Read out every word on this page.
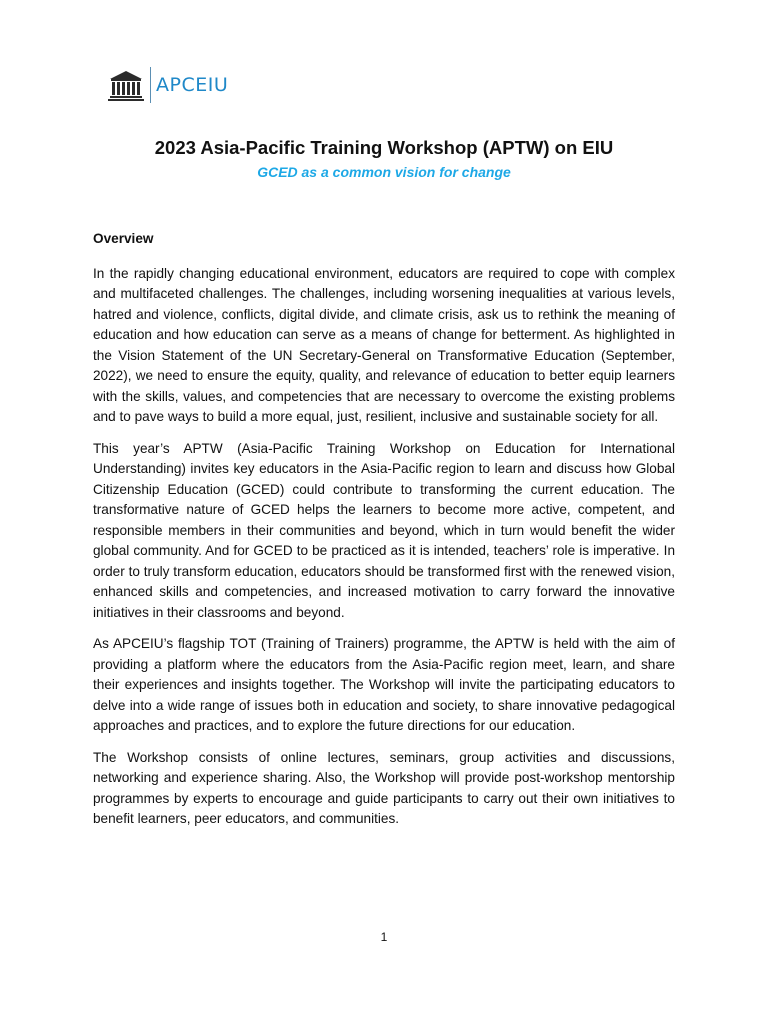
APCEIU
2023 Asia-Pacific Training Workshop (APTW) on EIU
GCED as a common vision for change
Overview

In the rapidly changing educational environment, educators are required to cope with complex and multifaceted challenges. The challenges, including worsening inequalities at various levels, hatred and violence, conflicts, digital divide, and climate crisis, ask us to rethink the meaning of education and how education can serve as a means of change for betterment. As highlighted in the Vision Statement of the UN Secretary-General on Transformative Education (September, 2022), we need to ensure the equity, quality, and relevance of education to better equip learners with the skills, values, and competencies that are necessary to overcome the existing problems and to pave ways to build a more equal, just, resilient, inclusive and sustainable society for all.

This year’s APTW (Asia-Pacific Training Workshop on Education for International Understanding) invites key educators in the Asia-Pacific region to learn and discuss how Global Citizenship Education (GCED) could contribute to transforming the current education. The transformative nature of GCED helps the learners to become more active, competent, and responsible members in their communities and beyond, which in turn would benefit the wider global community. And for GCED to be practiced as it is intended, teachers’ role is imperative. In order to truly transform education, educators should be transformed first with the renewed vision, enhanced skills and competencies, and increased motivation to carry forward the innovative initiatives in their classrooms and beyond.

As APCEIU’s flagship TOT (Training of Trainers) programme, the APTW is held with the aim of providing a platform where the educators from the Asia-Pacific region meet, learn, and share their experiences and insights together. The Workshop will invite the participating educators to delve into a wide range of issues both in education and society, to share innovative pedagogical approaches and practices, and to explore the future directions for our education.

The Workshop consists of online lectures, seminars, group activities and discussions, networking and experience sharing. Also, the Workshop will provide post-workshop mentorship programmes by experts to encourage and guide participants to carry out their own initiatives to benefit learners, peer educators, and communities.

1
